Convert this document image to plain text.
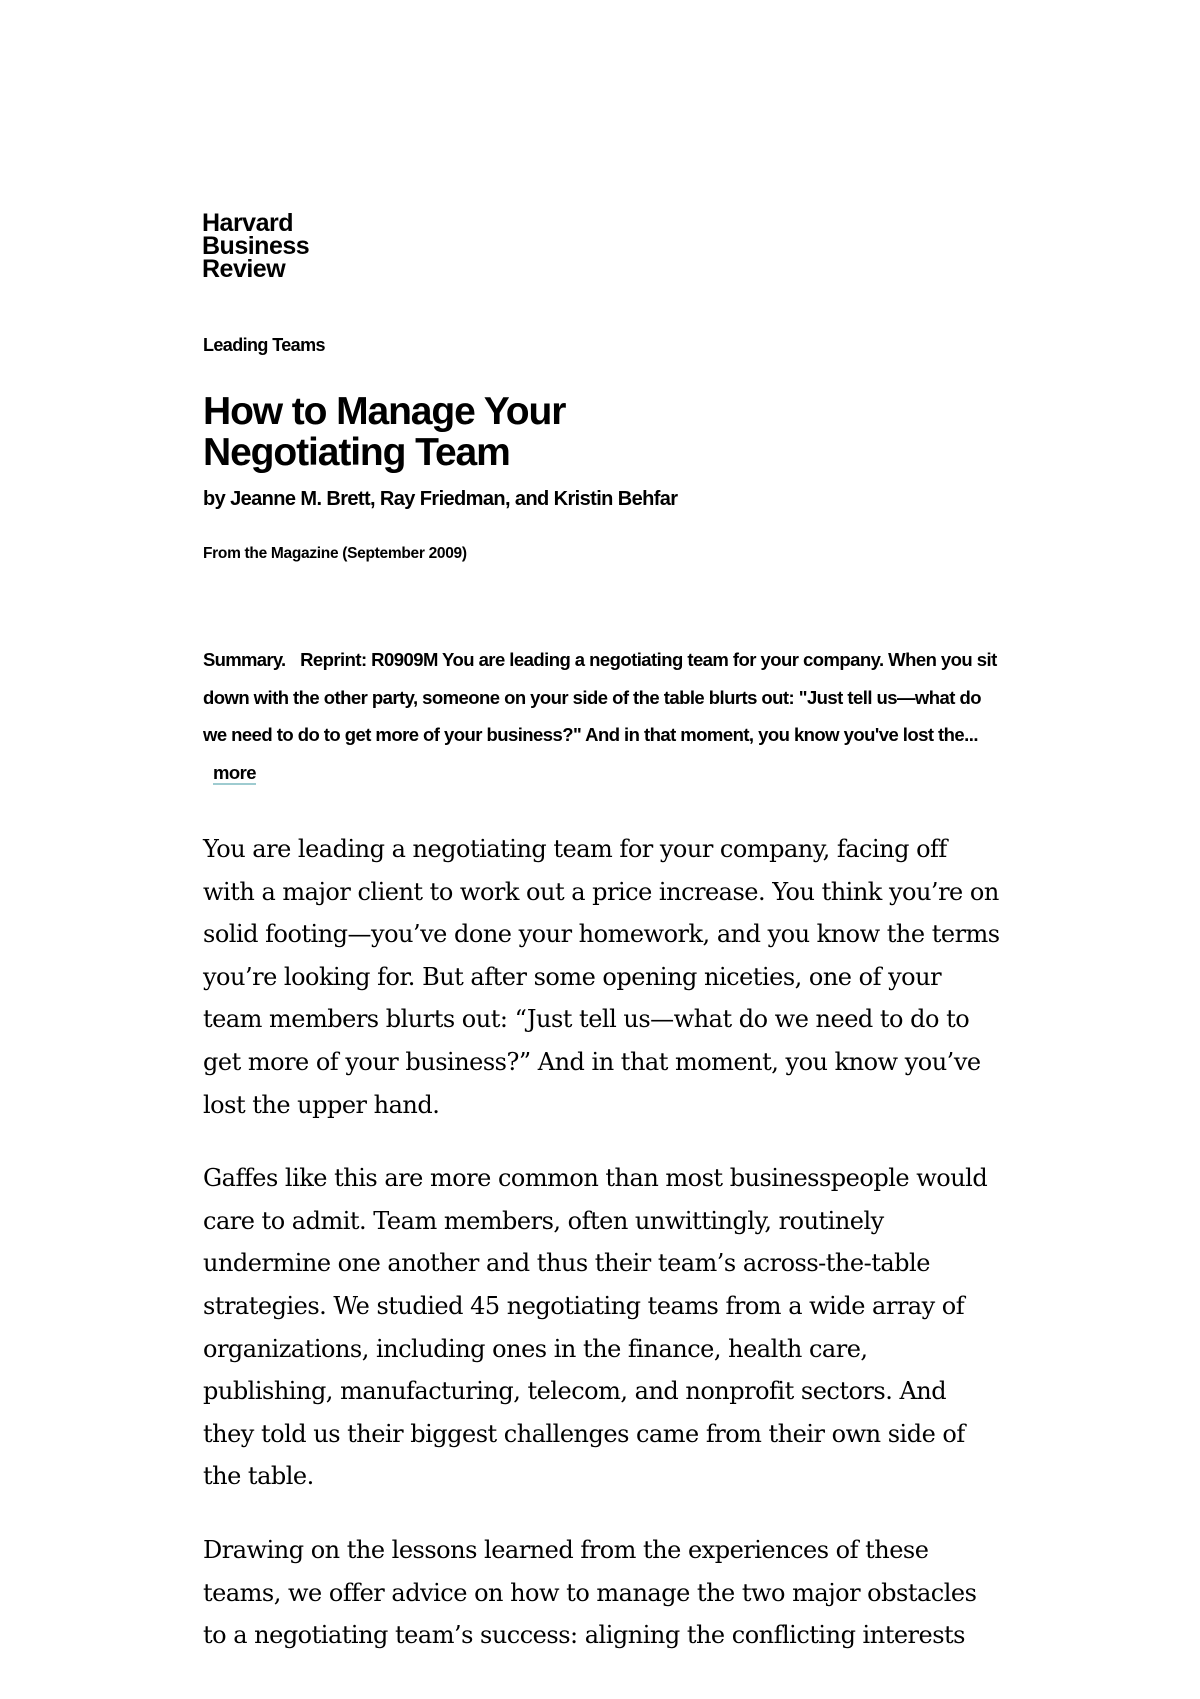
Harvard
Business
Review
Leading Teams
How to Manage Your
Negotiating Team
by Jeanne M. Brett, Ray Friedman, and Kristin Behfar
From the Magazine (September 2009)
Summary. Reprint: R0909M You are leading a negotiating team for your company. When you sit down with the other party, someone on your side of the table blurts out: "Just tell us—what do we need to do to get more of your business?" And in that moment, you know you've lost the... more

You are leading a negotiating team for your company, facing off with a major client to work out a price increase. You think you’re on solid footing—you’ve done your homework, and you know the terms you’re looking for. But after some opening niceties, one of your team members blurts out: “Just tell us—what do we need to do to get more of your business?” And in that moment, you know you’ve lost the upper hand.

Gaffes like this are more common than most businesspeople would care to admit. Team members, often unwittingly, routinely undermine one another and thus their team’s across-the-table strategies. We studied 45 negotiating teams from a wide array of organizations, including ones in the finance, health care, publishing, manufacturing, telecom, and nonprofit sectors. And they told us their biggest challenges came from their own side of the table.

Drawing on the lessons learned from the experiences of these teams, we offer advice on how to manage the two major obstacles to a negotiating team’s success: aligning the conflicting interests
